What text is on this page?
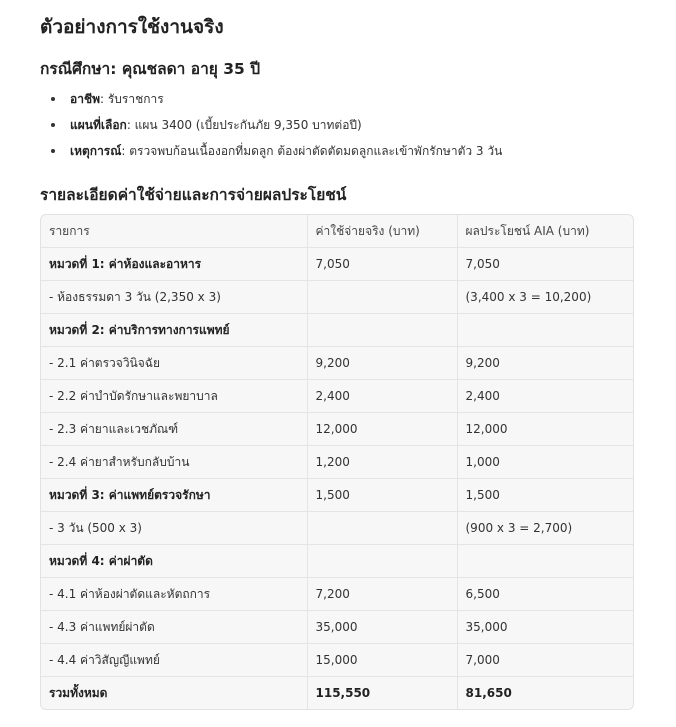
ตัวอย่างการใช้งานจริง
กรณีศึกษา: คุณชลดา อายุ 35 ปี
อาชีพ: รับราชการ
แผนที่เลือก: แผน 3400 (เบี้ยประกันภัย 9,350 บาทต่อปี)
เหตุการณ์: ตรวจพบก้อนเนื้องอกที่มดลูก ต้องผ่าตัดตัดมดลูกและเข้าพักรักษาตัว 3 วัน
รายละเอียดค่าใช้จ่ายและการจ่ายผลประโยชน์
รายการ	ค่าใช้จ่ายจริง (บาท)	ผลประโยชน์ AIA (บาท)
หมวดที่ 1: ค่าห้องและอาหาร	7,050	7,050
- ห้องธรรมดา 3 วัน (2,350 x 3)		(3,400 x 3 = 10,200)
หมวดที่ 2: ค่าบริการทางการแพทย์		
- 2.1 ค่าตรวจวินิจฉัย	9,200	9,200
- 2.2 ค่าบำบัดรักษาและพยาบาล	2,400	2,400
- 2.3 ค่ายาและเวชภัณฑ์	12,000	12,000
- 2.4 ค่ายาสำหรับกลับบ้าน	1,200	1,000
หมวดที่ 3: ค่าแพทย์ตรวจรักษา	1,500	1,500
- 3 วัน (500 x 3)		(900 x 3 = 2,700)
หมวดที่ 4: ค่าผ่าตัด		
- 4.1 ค่าห้องผ่าตัดและหัตถการ	7,200	6,500
- 4.3 ค่าแพทย์ผ่าตัด	35,000	35,000
- 4.4 ค่าวิสัญญีแพทย์	15,000	7,000
รวมทั้งหมด	115,550	81,650
